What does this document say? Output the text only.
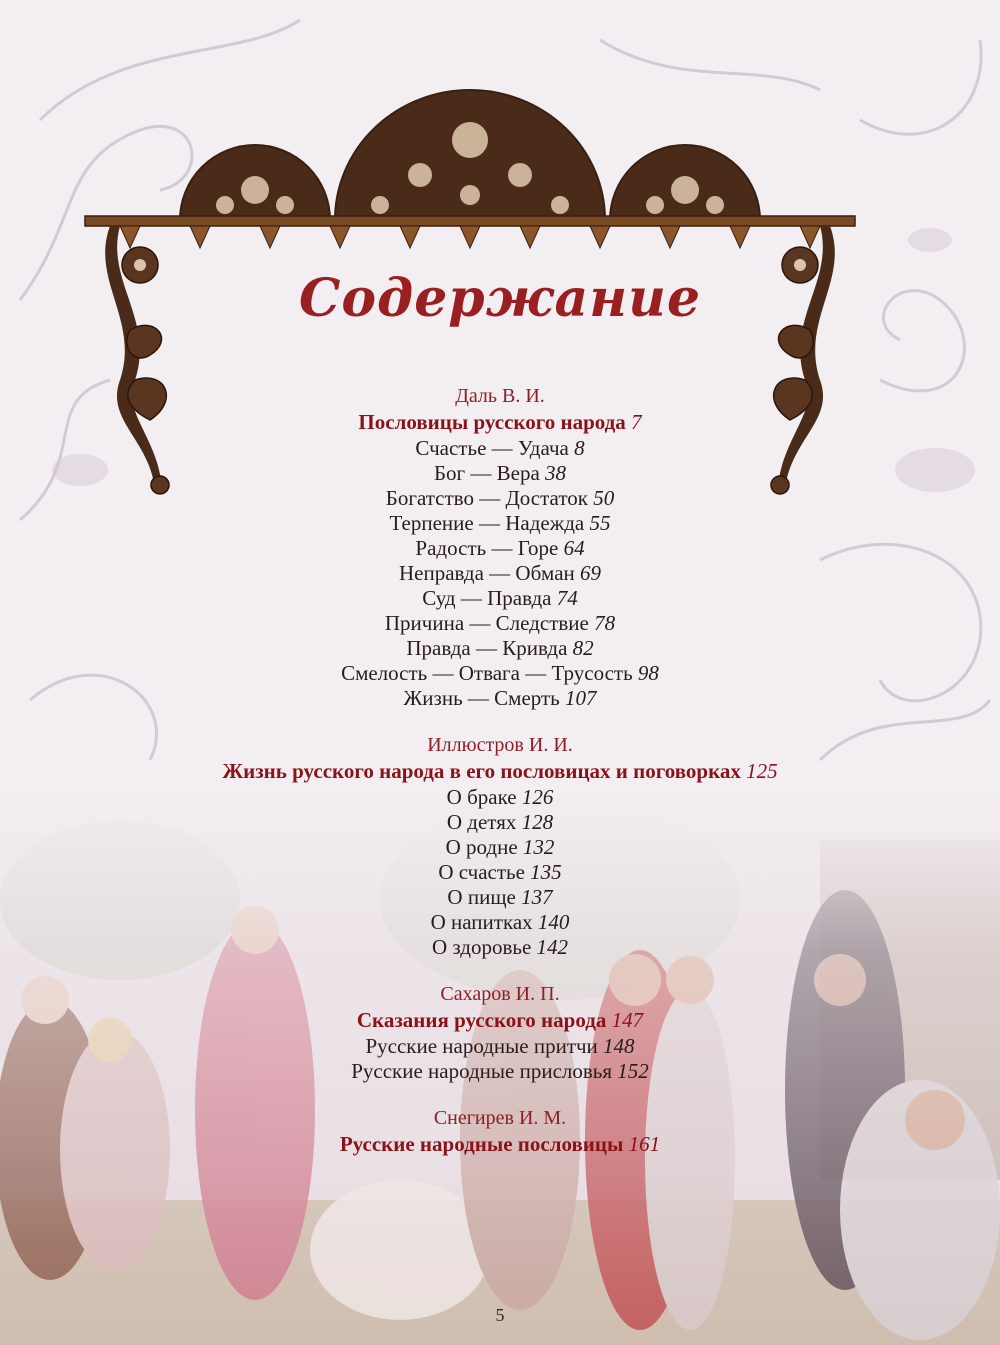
Содержание
Даль В. И.
Пословицы русского народа 7
Счастье — Удача 8
Бог — Вера 38
Богатство — Достаток 50
Терпение — Надежда 55
Радость — Горе 64
Неправда — Обман 69
Суд — Правда 74
Причина — Следствие 78
Правда — Кривда 82
Смелость — Отвага — Трусость 98
Жизнь — Смерть 107
Иллюстров И. И.
Жизнь русского народа в его пословицах и поговорках 125
О браке 126
О детях 128
О родне 132
О счастье 135
О пище 137
О напитках 140
О здоровье 142
Сахаров И. П.
Сказания русского народа 147
Русские народные притчи 148
Русские народные присловья 152
Снегирев И. М.
Русские народные пословицы 161
5
